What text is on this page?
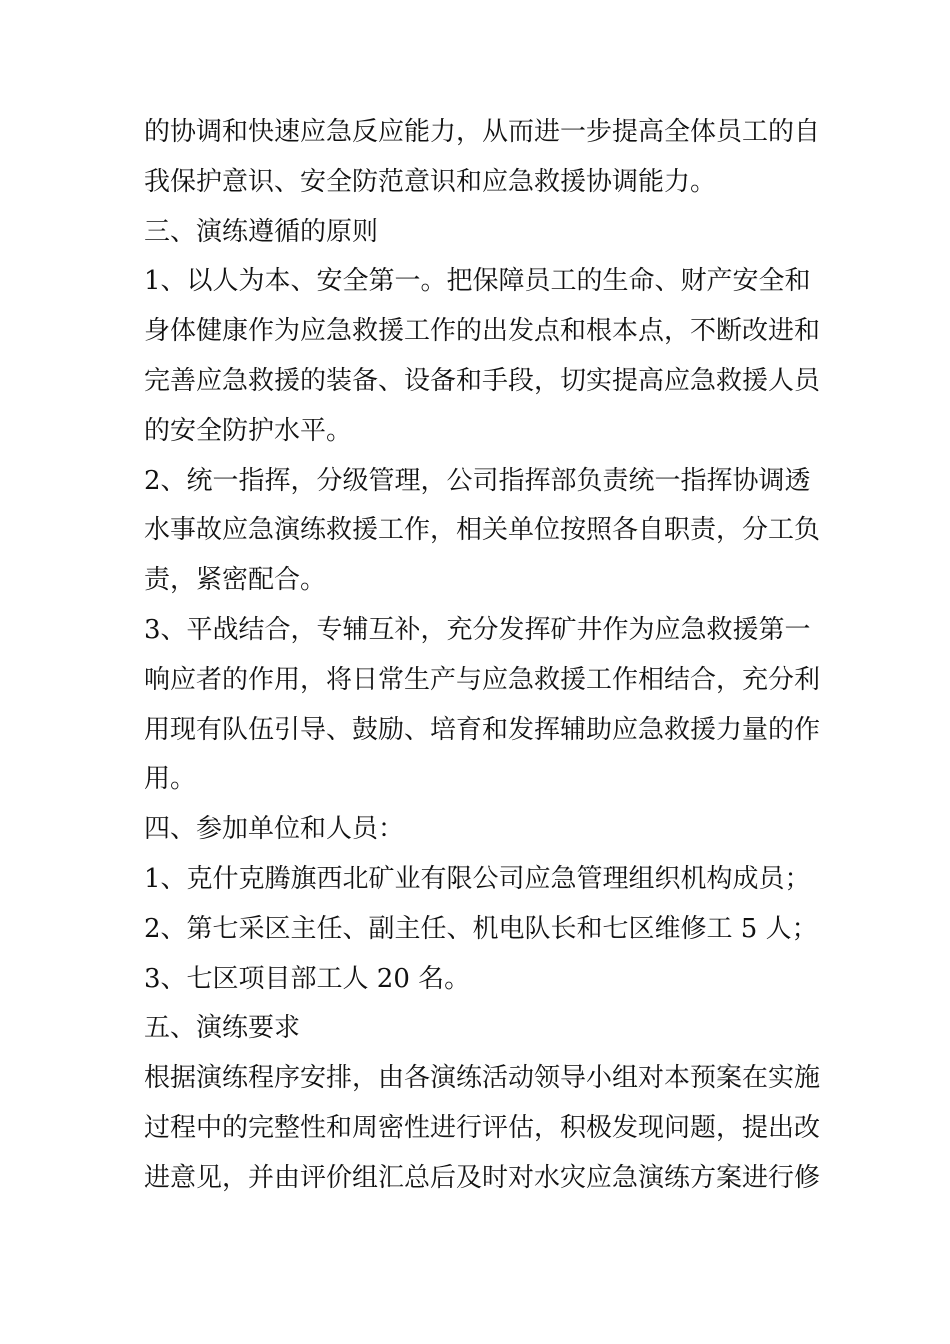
的协调和快速应急反应能力，从而进一步提高全体员工的自
我保护意识、安全防范意识和应急救援协调能力。
三、演练遵循的原则
1、以人为本、安全第一。把保障员工的生命、财产安全和
身体健康作为应急救援工作的出发点和根本点，不断改进和
完善应急救援的装备、设备和手段，切实提高应急救援人员
的安全防护水平。
2、统一指挥，分级管理，公司指挥部负责统一指挥协调透
水事故应急演练救援工作，相关单位按照各自职责，分工负
责，紧密配合。
3、平战结合，专辅互补，充分发挥矿井作为应急救援第一
响应者的作用，将日常生产与应急救援工作相结合，充分利
用现有队伍引导、鼓励、培育和发挥辅助应急救援力量的作
用。
四、参加单位和人员：
1、克什克腾旗西北矿业有限公司应急管理组织机构成员；
2、第七采区主任、副主任、机电队长和七区维修工 5 人；
3、七区项目部工人 20 名。
五、演练要求
根据演练程序安排，由各演练活动领导小组对本预案在实施
过程中的完整性和周密性进行评估，积极发现问题，提出改
进意见，并由评价组汇总后及时对水灾应急演练方案进行修
